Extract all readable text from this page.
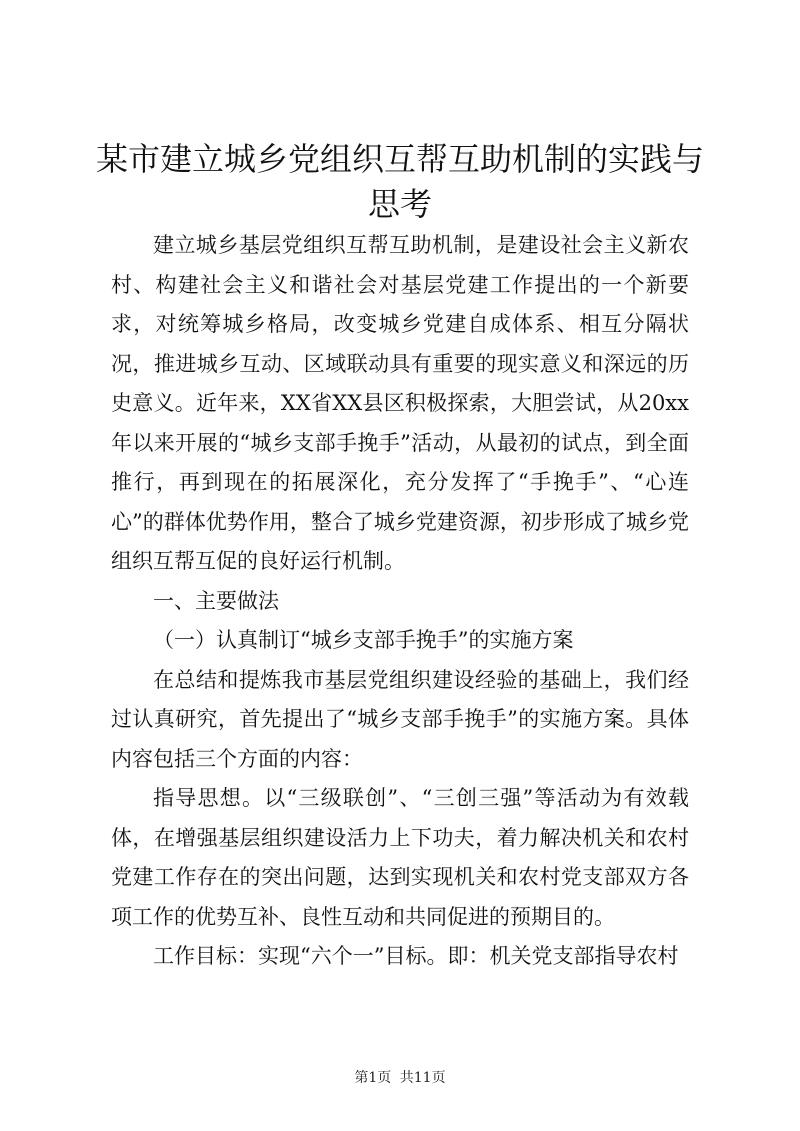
某市建立城乡党组织互帮互助机制的实践与思考

建立城乡基层党组织互帮互助机制，是建设社会主义新农村、构建社会主义和谐社会对基层党建工作提出的一个新要求，对统筹城乡格局，改变城乡党建自成体系、相互分隔状况，推进城乡互动、区域联动具有重要的现实意义和深远的历史意义。近年来，XX省XX县区积极探索，大胆尝试，从20xx年以来开展的“城乡支部手挽手”活动，从最初的试点，到全面推行，再到现在的拓展深化，充分发挥了“手挽手”、“心连心”的群体优势作用，整合了城乡党建资源，初步形成了城乡党组织互帮互促的良好运行机制。

一、主要做法

（一）认真制订“城乡支部手挽手”的实施方案

在总结和提炼我市基层党组织建设经验的基础上，我们经过认真研究，首先提出了“城乡支部手挽手”的实施方案。具体内容包括三个方面的内容：

指导思想。以“三级联创”、“三创三强”等活动为有效载体，在增强基层组织建设活力上下功夫，着力解决机关和农村党建工作存在的突出问题，达到实现机关和农村党支部双方各项工作的优势互补、良性互动和共同促进的预期目的。

工作目标：实现“六个一”目标。即：机关党支部指导农村

第1页 共11页
